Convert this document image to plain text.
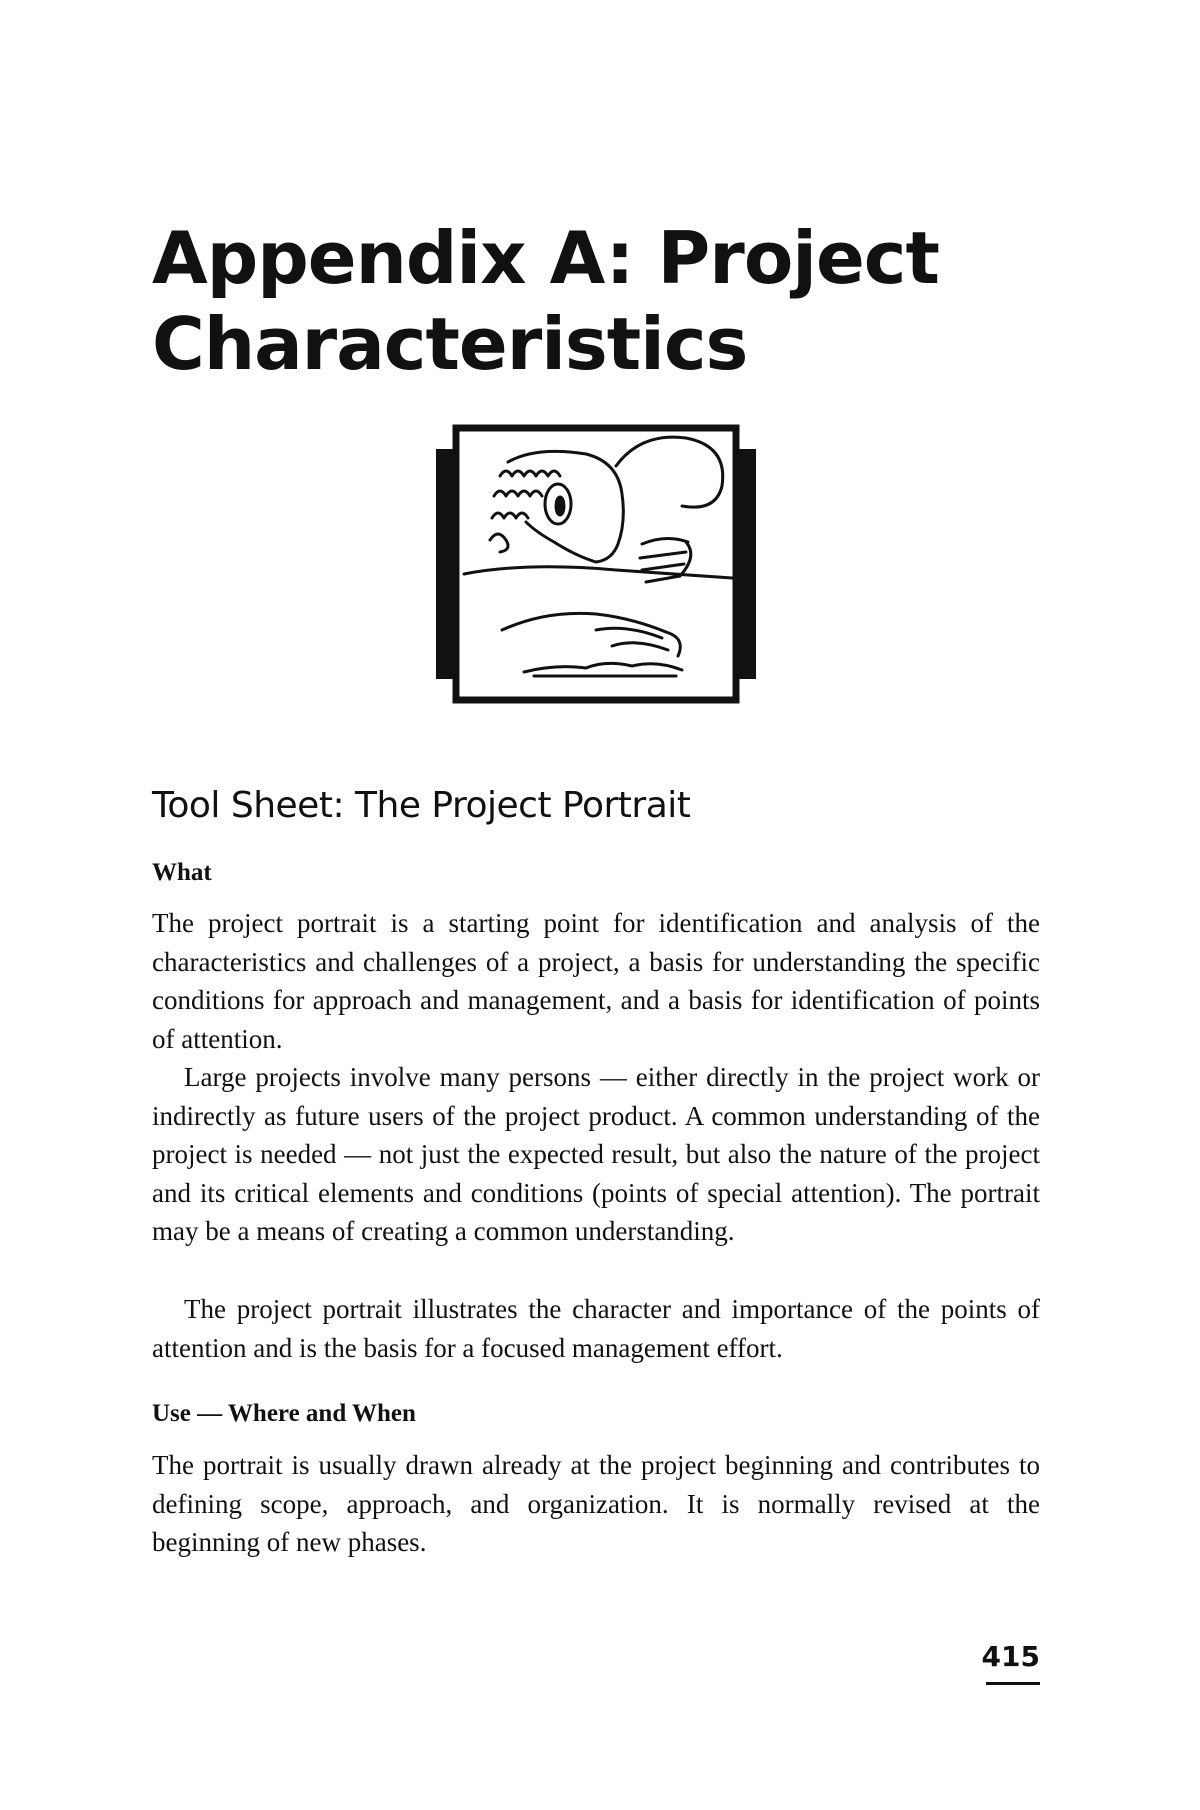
Appendix A: Project
Characteristics
Tool Sheet: The Project Portrait
What

The project portrait is a starting point for identification and analysis of the characteristics and challenges of a project, a basis for understanding the specific conditions for approach and management, and a basis for identification of points of attention.

Large projects involve many persons — either directly in the project work or indirectly as future users of the project product. A common understanding of the project is needed — not just the expected result, but also the nature of the project and its critical elements and conditions (points of special attention). The portrait may be a means of creating a common understanding.

The project portrait illustrates the character and importance of the points of attention and is the basis for a focused management effort.

Use — Where and When

The portrait is usually drawn already at the project beginning and contributes to defining scope, approach, and organization. It is normally revised at the beginning of new phases.

415
